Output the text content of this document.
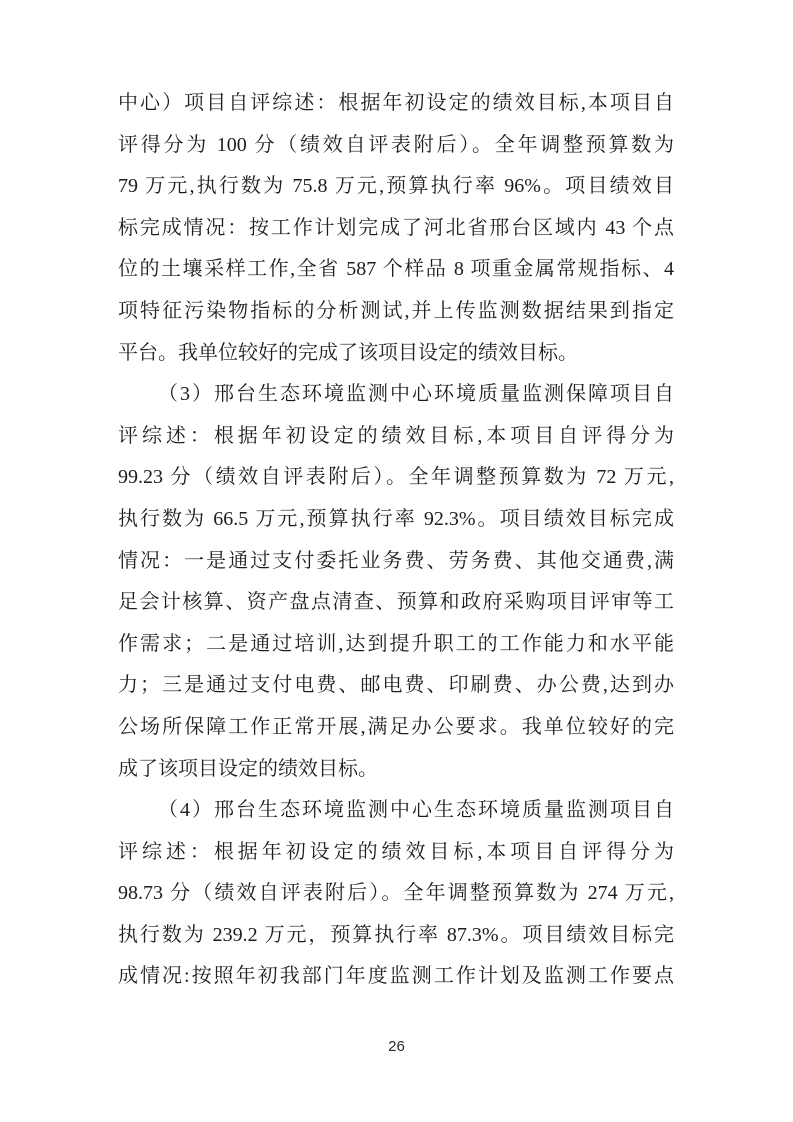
中心）项目自评综述：根据年初设定的绩效目标,本项目自
评得分为 100 分（绩效自评表附后）。全年调整预算数为
79 万元,执行数为 75.8 万元,预算执行率 96%。项目绩效目
标完成情况：按工作计划完成了河北省邢台区域内 43 个点
位的土壤采样工作,全省 587 个样品 8 项重金属常规指标、4
项特征污染物指标的分析测试,并上传监测数据结果到指定
平台。我单位较好的完成了该项目设定的绩效目标。
（3）邢台生态环境监测中心环境质量监测保障项目自
评综述：根据年初设定的绩效目标,本项目自评得分为
99.23 分（绩效自评表附后）。全年调整预算数为 72 万元,
执行数为 66.5 万元,预算执行率 92.3%。项目绩效目标完成
情况：一是通过支付委托业务费、劳务费、其他交通费,满
足会计核算、资产盘点清查、预算和政府采购项目评审等工
作需求；二是通过培训,达到提升职工的工作能力和水平能
力；三是通过支付电费、邮电费、印刷费、办公费,达到办
公场所保障工作正常开展,满足办公要求。我单位较好的完
成了该项目设定的绩效目标。
（4）邢台生态环境监测中心生态环境质量监测项目自
评综述：根据年初设定的绩效目标,本项目自评得分为
98.73 分（绩效自评表附后）。全年调整预算数为 274 万元,
执行数为 239.2 万元，预算执行率 87.3%。项目绩效目标完
成情况:按照年初我部门年度监测工作计划及监测工作要点
26
